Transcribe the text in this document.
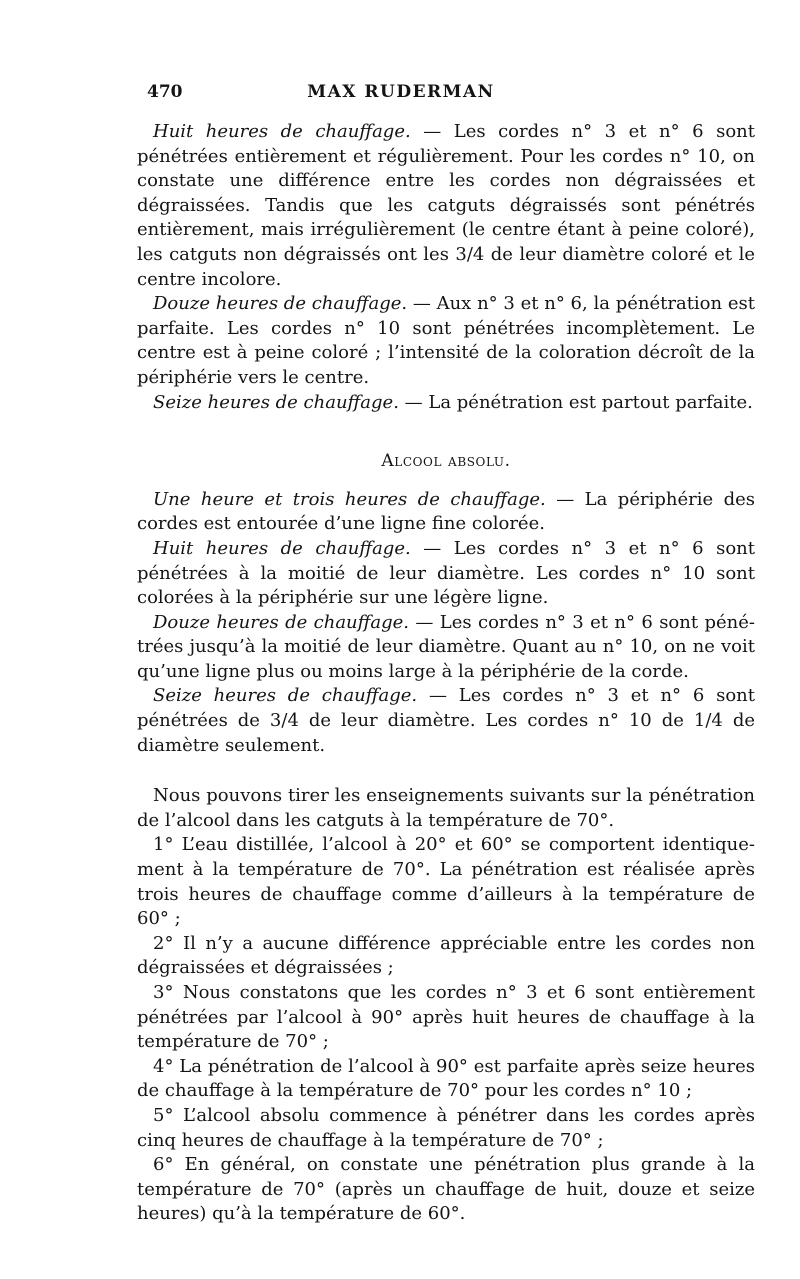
470	MAX RUDERMAN

Huit heures de chauffage. — Les cordes n° 3 et n° 6 sont pénétrées entièrement et régulièrement. Pour les cordes n° 10, on constate une différence entre les cordes non dégraissées et dégraissées. Tandis que les catguts dégraissés sont pénétrés entièrement, mais irrégulièrement (le centre étant à peine coloré), les catguts non dégraissés ont les 3/4 de leur diamètre coloré et le centre incolore.

Douze heures de chauffage. — Aux n° 3 et n° 6, la pénétration est parfaite. Les cordes n° 10 sont pénétrées incomplètement. Le centre est à peine coloré ; l’intensité de la coloration décroît de la périphérie vers le centre.

Seize heures de chauffage. — La pénétration est partout parfaite.

Alcool absolu.

Une heure et trois heures de chauffage. — La périphérie des cordes est entourée d’une ligne fine colorée.

Huit heures de chauffage. — Les cordes n° 3 et n° 6 sont pénétrées à la moitié de leur diamètre. Les cordes n° 10 sont colorées à la périphérie sur une légère ligne.

Douze heures de chauffage. — Les cordes n° 3 et n° 6 sont pénétrées jusqu’à la moitié de leur diamètre. Quant au n° 10, on ne voit qu’une ligne plus ou moins large à la périphérie de la corde.

Seize heures de chauffage. — Les cordes n° 3 et n° 6 sont pénétrées de 3/4 de leur diamètre. Les cordes n° 10 de 1/4 de diamètre seulement.

Nous pouvons tirer les enseignements suivants sur la pénétration de l’alcool dans les catguts à la température de 70°.

1° L’eau distillée, l’alcool à 20° et 60° se comportent identiquement à la température de 70°. La pénétration est réalisée après trois heures de chauffage comme d’ailleurs à la température de 60° ;

2° Il n’y a aucune différence appréciable entre les cordes non dégraissées et dégraissées ;

3° Nous constatons que les cordes n° 3 et 6 sont entièrement pénétrées par l’alcool à 90° après huit heures de chauffage à la température de 70° ;

4° La pénétration de l’alcool à 90° est parfaite après seize heures de chauffage à la température de 70° pour les cordes n° 10 ;

5° L’alcool absolu commence à pénétrer dans les cordes après cinq heures de chauffage à la température de 70° ;

6° En général, on constate une pénétration plus grande à la température de 70° (après un chauffage de huit, douze et seize heures) qu’à la température de 60°.
